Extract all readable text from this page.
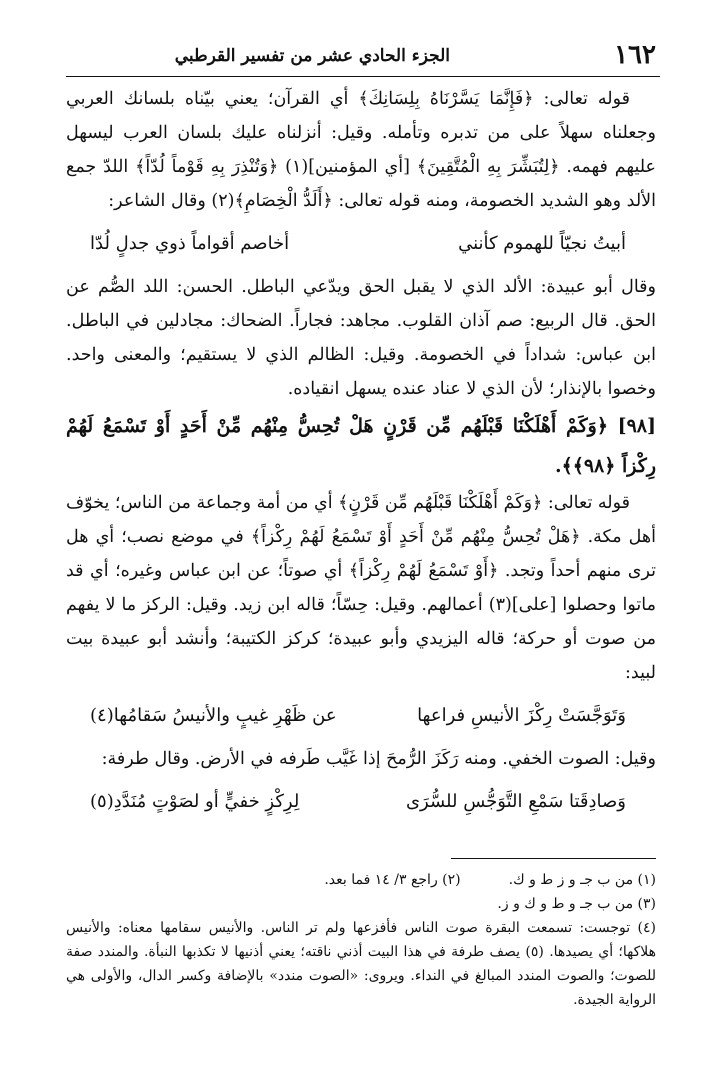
١٦٢
الجزء الحادي عشر من تفسير القرطبي

قوله تعالى: ﴿فَإِنَّمَا يَسَّرْنَاهُ بِلِسَانِكَ﴾ أي القرآن؛ يعني بيّناه بلسانك العربي وجعلناه سهلاً على من تدبره وتأمله. وقيل: أنزلناه عليك بلسان العرب ليسهل عليهم فهمه. ﴿لِتُبَشِّرَ بِهِ الْمُتَّقِينَ﴾ [أي المؤمنين](١) ﴿وَتُنْذِرَ بِهِ قَوْماً لُدّاً﴾ اللدّ جمع الألد وهو الشديد الخصومة، ومنه قوله تعالى: ﴿أَلَدُّ الْخِصَامِ﴾(٢) وقال الشاعر:

أبيتُ نجيّاً للهموم كأنني
أخاصم أقواماً ذوي جدلٍ لُدّا

وقال أبو عبيدة: الألد الذي لا يقبل الحق ويدّعي الباطل. الحسن: اللد الصُّم عن الحق. قال الربيع: صم آذان القلوب. مجاهد: فجاراً. الضحاك: مجادلين في الباطل. ابن عباس: شداداً في الخصومة. وقيل: الظالم الذي لا يستقيم؛ والمعنى واحد. وخصوا بالإنذار؛ لأن الذي لا عناد عنده يسهل انقياده.

[٩٨] ﴿وَكَمْ أَهْلَكْنَا قَبْلَهُم مِّن قَرْنٍ هَلْ تُحِسُّ مِنْهُم مِّنْ أَحَدٍ أَوْ تَسْمَعُ لَهُمْ رِكْزاً ﴿٩٨﴾﴾.

قوله تعالى: ﴿وَكَمْ أَهْلَكْنَا قَبْلَهُم مِّن قَرْنٍ﴾ أي من أمة وجماعة من الناس؛ يخوّف أهل مكة. ﴿هَلْ تُحِسُّ مِنْهُم مِّنْ أَحَدٍ أَوْ تَسْمَعُ لَهُمْ رِكْزاً﴾ في موضع نصب؛ أي هل ترى منهم أحداً وتجد. ﴿أَوْ تَسْمَعُ لَهُمْ رِكْزاً﴾ أي صوتاً؛ عن ابن عباس وغيره؛ أي قد ماتوا وحصلوا [على](٣) أعمالهم. وقيل: حِسّاً؛ قاله ابن زيد. وقيل: الركز ما لا يفهم من صوت أو حركة؛ قاله اليزيدي وأبو عبيدة؛ كركز الكتيبة؛ وأنشد أبو عبيدة بيت لبيد:

وَتَوَجَّسَتْ رِكْزَ الأنيسِ فراعها
عن ظَهْرِ غيبٍ والأنيسُ سَقامُها(٤)

وقيل: الصوت الخفي. ومنه رَكَزَ الرُّمحَ إذا غَيَّب طَرفه في الأرض. وقال طرفة:

وَصادِقَتا سَمْعِ التَّوَجُّسِ للسُّرَى
لِرِكْزٍ خفيٍّ أو لصَوْتٍ مُنَدَّدِ(٥)
(١) من ب جـ و ز ط و ك.
(٢) راجع ٣/ ١٤ فما بعد.

(٣) من ب جـ و ط و ك و ز.

(٤) توجست: تسمعت البقرة صوت الناس فأفزعها ولم تر الناس. والأنيس سقامها معناه: والأنيس هلاكها؛ أي يصيدها. (٥) يصف طرفة في هذا البيت أذني ناقته؛ يعني أذنيها لا تكذبها النبأة. والمندد صفة للصوت؛ والصوت المندد المبالغ في النداء. ويروى: «الصوت مندد» بالإضافة وكسر الدال، والأولى هي الرواية الجيدة.
